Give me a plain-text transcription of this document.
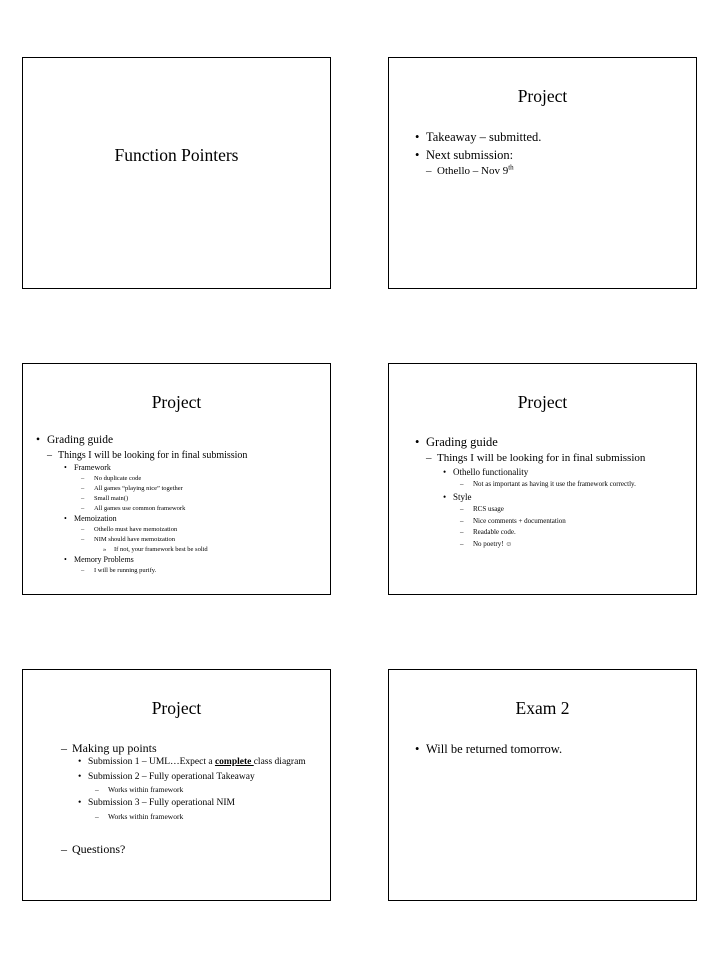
Function Pointers
Project
• Takeaway – submitted.
• Next submission:
– Othello – Nov 9th
Project
• Grading guide
– Things I will be looking for in final submission
• Framework
– No duplicate code
– All games “playing nice” together
– Small main()
– All games use common framework
• Memoization
– Othello must have memoization
– NIM should have memoization
» If not, your framework best be solid
• Memory Problems
– I will be running purify.
Project
• Grading guide
– Things I will be looking for in final submission
• Othello functionality
– Not as important as having it use the framework correctly.
• Style
– RCS usage
– Nice comments + documentation
– Readable code.
– No poetry! ☺
Project
– Making up points
• Submission 1 – UML…Expect a complete class diagram
• Submission 2 – Fully operational Takeaway
– Works within framework
• Submission 3 – Fully operational NIM
– Works within framework
– Questions?
Exam 2
• Will be returned tomorrow.
